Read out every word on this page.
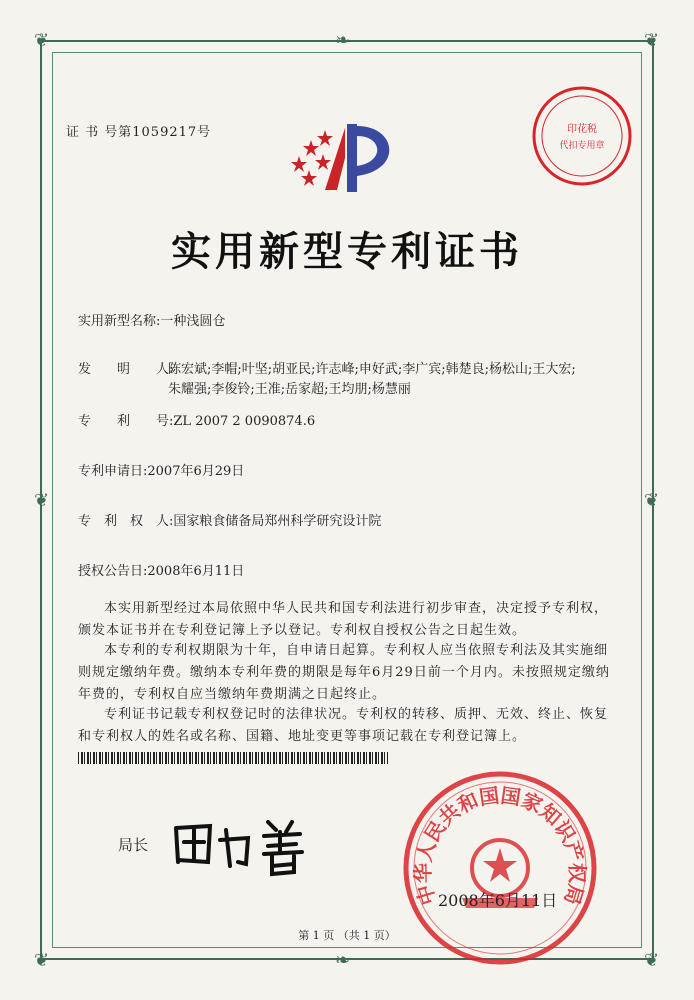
❦	❦
❦	❦
❧
❧
❦	❦
证 书 号第1059217号
实用新型专利证书
印花税
代扣专用章
实用新型名称:一种浅圆仓
发　　明　　人:
陈宏斌;李帽;叶坚;胡亚民;许志峰;申好武;李广宾;韩楚良;杨松山;王大宏;
朱耀强;李俊铃;王准;岳家超;王均朋;杨慧丽
专　　利　　号:ZL 2007 2 0090874.6
专利申请日:2007年6月29日
专　利　权　人:国家粮食储备局郑州科学研究设计院
授权公告日:2008年6月11日
本实用新型经过本局依照中华人民共和国专利法进行初步审查，决定授予专利权，颁发本证书并在专利登记簿上予以登记。专利权自授权公告之日起生效。
本专利的专利权期限为十年，自申请日起算。专利权人应当依照专利法及其实施细则规定缴纳年费。缴纳本专利年费的期限是每年6月29日前一个月内。未按照规定缴纳年费的，专利权自应当缴纳年费期满之日起终止。
专利证书记载专利权登记时的法律状况。专利权的转移、质押、无效、终止、恢复和专利权人的姓名或名称、国籍、地址变更等事项记载在专利登记簿上。
局长
中华人民共和国国家知识产权局
2008年6月11日
第 1 页 （共 1 页）
